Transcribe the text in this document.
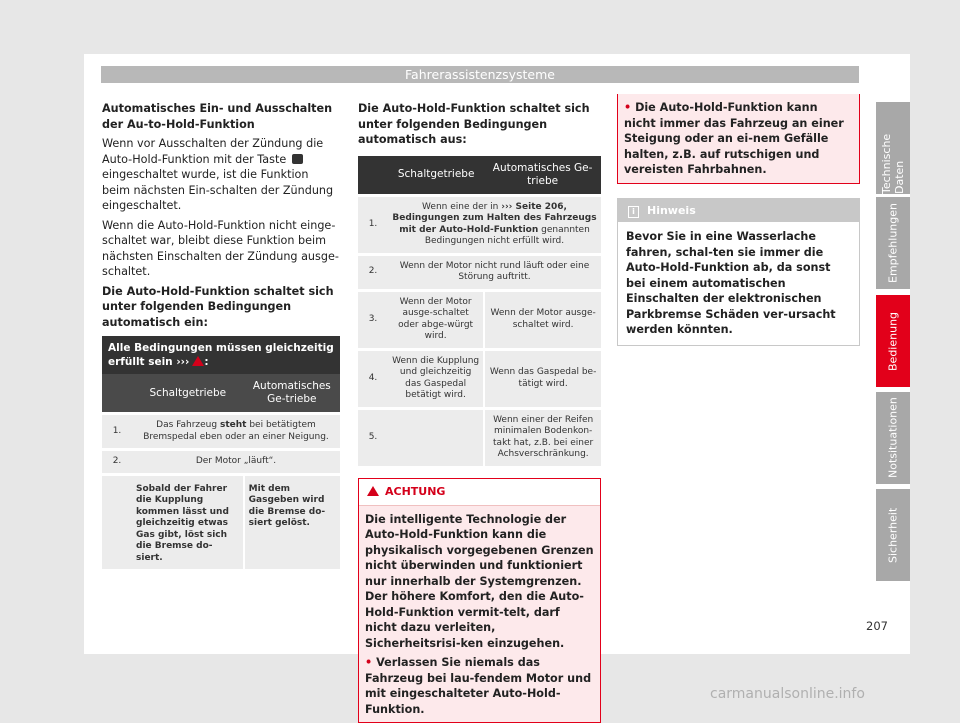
Fahrerassistenzsysteme

Automatisches Ein- und Ausschalten der Au-to-Hold-Funktion

Wenn vor Ausschalten der Zündung die Auto-Hold-Funktion mit der Taste  eingeschaltet wurde, ist die Funktion beim nächsten Ein-schalten der Zündung eingeschaltet.

Wenn die Auto-Hold-Funktion nicht einge-schaltet war, bleibt diese Funktion beim nächsten Einschalten der Zündung ausge-schaltet.

Die Auto-Hold-Funktion schaltet sich unter folgenden Bedingungen automatisch ein:

Alle Bedingungen müssen gleichzeitig erfüllt sein ››› :		
	Schaltgetriebe	Automatisches Ge-triebe
1.	Das Fahrzeug steht bei betätigtem Bremspedal eben oder an einer Neigung.	
2.	Der Motor „läuft“.	
	Sobald der Fahrer die Kupplung kommen lässt und gleichzeitig etwas Gas gibt, löst sich die Bremse do-siert.	Mit dem Gasgeben wird die Bremse do-siert gelöst.

Die Auto-Hold-Funktion schaltet sich unter folgenden Bedingungen automatisch aus:

	Schaltgetriebe	Automatisches Ge-triebe
1.	Wenn eine der in ››› Seite 206, Bedingungen zum Halten des Fahrzeugs mit der Auto-Hold-Funktion genannten Bedingungen nicht erfüllt wird.	
2.	Wenn der Motor nicht rund läuft oder eine Störung auftritt.	
3.	Wenn der Motor ausge-schaltet oder abge-würgt wird.	Wenn der Motor ausge-schaltet wird.
4.	Wenn die Kupplung und gleichzeitig das Gaspedal betätigt wird.	Wenn das Gaspedal be-tätigt wird.
5.		Wenn einer der Reifen minimalen Bodenkon-takt hat, z.B. bei einer Achsverschränkung.
ACHTUNG

Die intelligente Technologie der Auto-Hold-Funktion kann die physikalisch vorgegebenen Grenzen nicht überwinden und funktioniert nur innerhalb der Systemgrenzen. Der höhere Komfort, den die Auto-Hold-Funktion vermit-telt, darf nicht dazu verleiten, Sicherheitsrisi-ken einzugehen.

• Verlassen Sie niemals das Fahrzeug bei lau-fendem Motor und mit eingeschalteter Auto-Hold-Funktion.

• Die Auto-Hold-Funktion kann nicht immer das Fahrzeug an einer Steigung oder an ei-nem Gefälle halten, z.B. auf rutschigen und vereisten Fahrbahnen.
i Hinweis
Bevor Sie in eine Wasserlache fahren, schal-ten sie immer die Auto-Hold-Funktion ab, da sonst bei einem automatischen Einschalten der elektronischen Parkbremse Schäden ver-ursacht werden könnten.
Technische Daten
Empfehlungen
Bedienung
Notsituationen
Sicherheit
207
carmanualsonline.info
